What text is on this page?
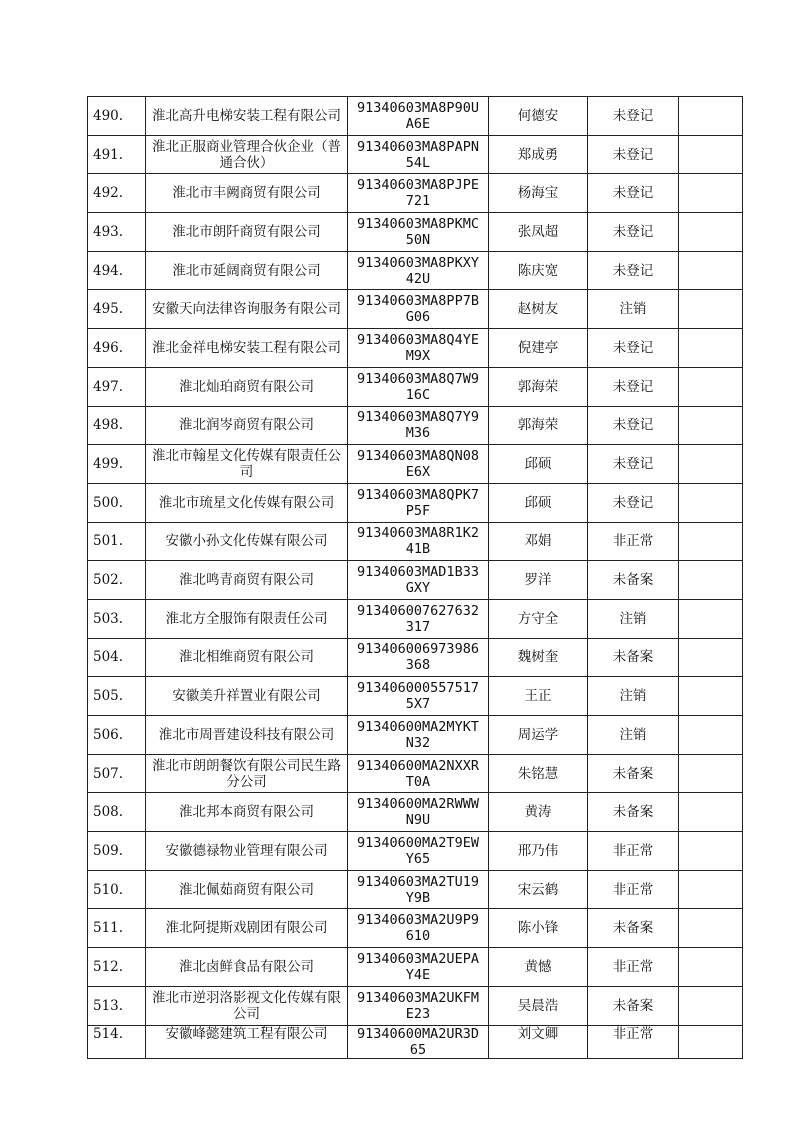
490.	淮北高升电梯安装工程有限公司	91340603MA8P90UA6E	何德安	未登记	
491.	淮北正服商业管理合伙企业（普通合伙）	91340603MA8PAPN54L	郑成勇	未登记	
492.	淮北市丰阙商贸有限公司	91340603MA8PJPE721	杨海宝	未登记	
493.	淮北市朗阡商贸有限公司	91340603MA8PKMC50N	张凤超	未登记	
494.	淮北市延阔商贸有限公司	91340603MA8PKXY42U	陈庆宽	未登记	
495.	安徽天向法律咨询服务有限公司	91340603MA8PP7BG06	赵树友	注销	
496.	淮北金祥电梯安装工程有限公司	91340603MA8Q4YEM9X	倪建亭	未登记	
497.	淮北灿珀商贸有限公司	91340603MA8Q7W916C	郭海荣	未登记	
498.	淮北润岑商贸有限公司	91340603MA8Q7Y9M36	郭海荣	未登记	
499.	淮北市翰星文化传媒有限责任公司	91340603MA8QN08E6X	邱硕	未登记	
500.	淮北市琉星文化传媒有限公司	91340603MA8QPK7P5F	邱硕	未登记	
501.	安徽小孙文化传媒有限公司	91340603MA8R1K241B	邓娟	非正常	
502.	淮北鸣青商贸有限公司	91340603MAD1B33GXY	罗洋	未备案	
503.	淮北方全服饰有限责任公司	913406007627632317	方守全	注销	
504.	淮北相维商贸有限公司	913406006973986368	魏树奎	未备案	
505.	安徽美升祥置业有限公司	9134060005575175X7	王正	注销	
506.	淮北市周晋建设科技有限公司	91340600MA2MYKTN32	周运学	注销	
507.	淮北市朗朗餐饮有限公司民生路分公司	91340600MA2NXXRT0A	朱铭慧	未备案	
508.	淮北邦本商贸有限公司	91340600MA2RWWWN9U	黄涛	未备案	
509.	安徽德禄物业管理有限公司	91340600MA2T9EWY65	邢乃伟	非正常	
510.	淮北佩茹商贸有限公司	91340603MA2TU19Y9B	宋云鹤	非正常	
511.	淮北阿提斯戏剧团有限公司	91340603MA2U9P9610	陈小锋	未备案	
512.	淮北卤鲜食品有限公司	91340603MA2UEPAY4E	黄憾	非正常	
513.	淮北市逆羽洛影视文化传媒有限公司	91340603MA2UKFME23	吴晨浩	未备案	
514.	安徽峰懿建筑工程有限公司	91340600MA2UR3D65	刘文卿	非正常	
